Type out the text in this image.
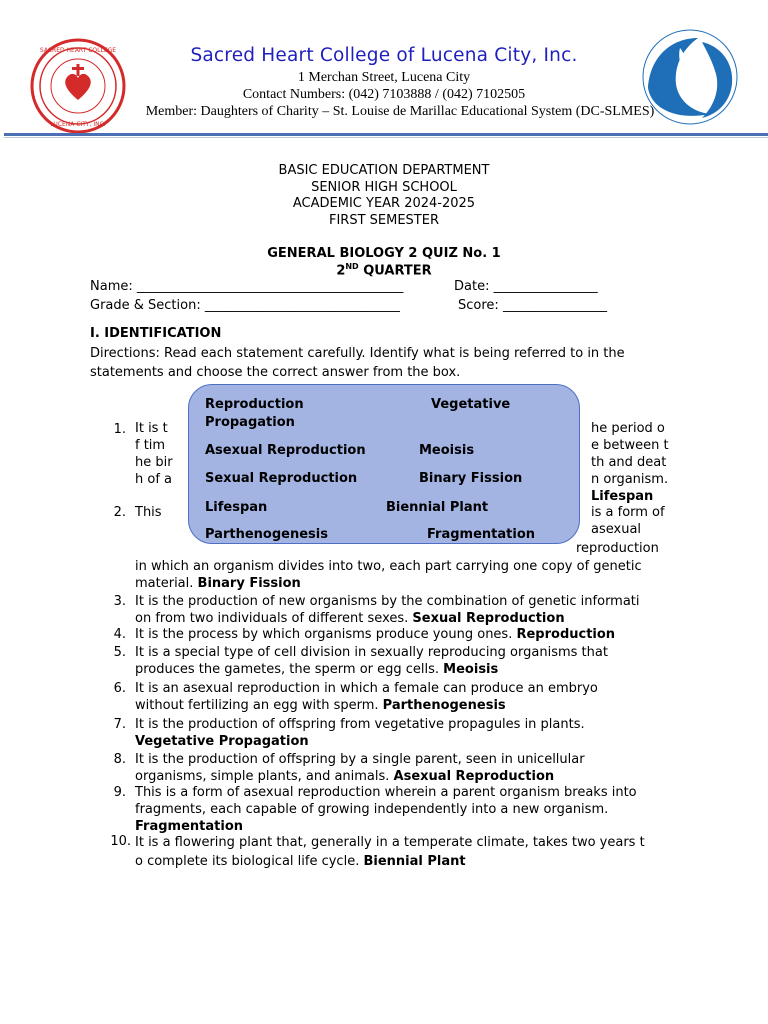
SACRED HEART COLLEGE
LUCENA CITY, INC.
Sacred Heart College of Lucena City, Inc.
1 Merchan Street, Lucena City
Contact Numbers: (042) 7103888 / (042) 7102505
Member: Daughters of Charity – St. Louise de Marillac Educational System (DC-SLMES)
BASIC EDUCATION DEPARTMENT
SENIOR HIGH SCHOOL
ACADEMIC YEAR 2024-2025
FIRST SEMESTER
GENERAL BIOLOGY 2 QUIZ No. 1
2ND QUARTER
Name: _________________________________________	Date: ________________
Grade & Section: ______________________________	Score: ________________
I. IDENTIFICATION
Directions: Read each statement carefully. Identify what is being referred to in the
statements and choose the correct answer from the box.
1. It is t
f tim
he bir
h of a
he period o
e between t
th and deat
n organism.
Lifespan
2. This	is a form of
asexual
reproduction
in which an organism divides into two, each part carrying one copy of genetic
material. Binary Fission
Reproduction	Vegetative
Propagation
Asexual Reproduction	Meoisis
Sexual Reproduction	Binary Fission
Lifespan	Biennial Plant
Parthenogenesis	Fragmentation
3. It is the production of new organisms by the combination of genetic informati
on from two individuals of different sexes. Sexual Reproduction
4. It is the process by which organisms produce young ones. Reproduction
5. It is a special type of cell division in sexually reproducing organisms that
produces the gametes, the sperm or egg cells. Meoisis
6. It is an asexual reproduction in which a female can produce an embryo
without fertilizing an egg with sperm. Parthenogenesis
7. It is the production of offspring from vegetative propagules in plants.
Vegetative Propagation
8. It is the production of offspring by a single parent, seen in unicellular
organisms, simple plants, and animals. Asexual Reproduction
9. This is a form of asexual reproduction wherein a parent organism breaks into
fragments, each capable of growing independently into a new organism.
Fragmentation
10. It is a flowering plant that, generally in a temperate climate, takes two years t
o complete its biological life cycle. Biennial Plant
